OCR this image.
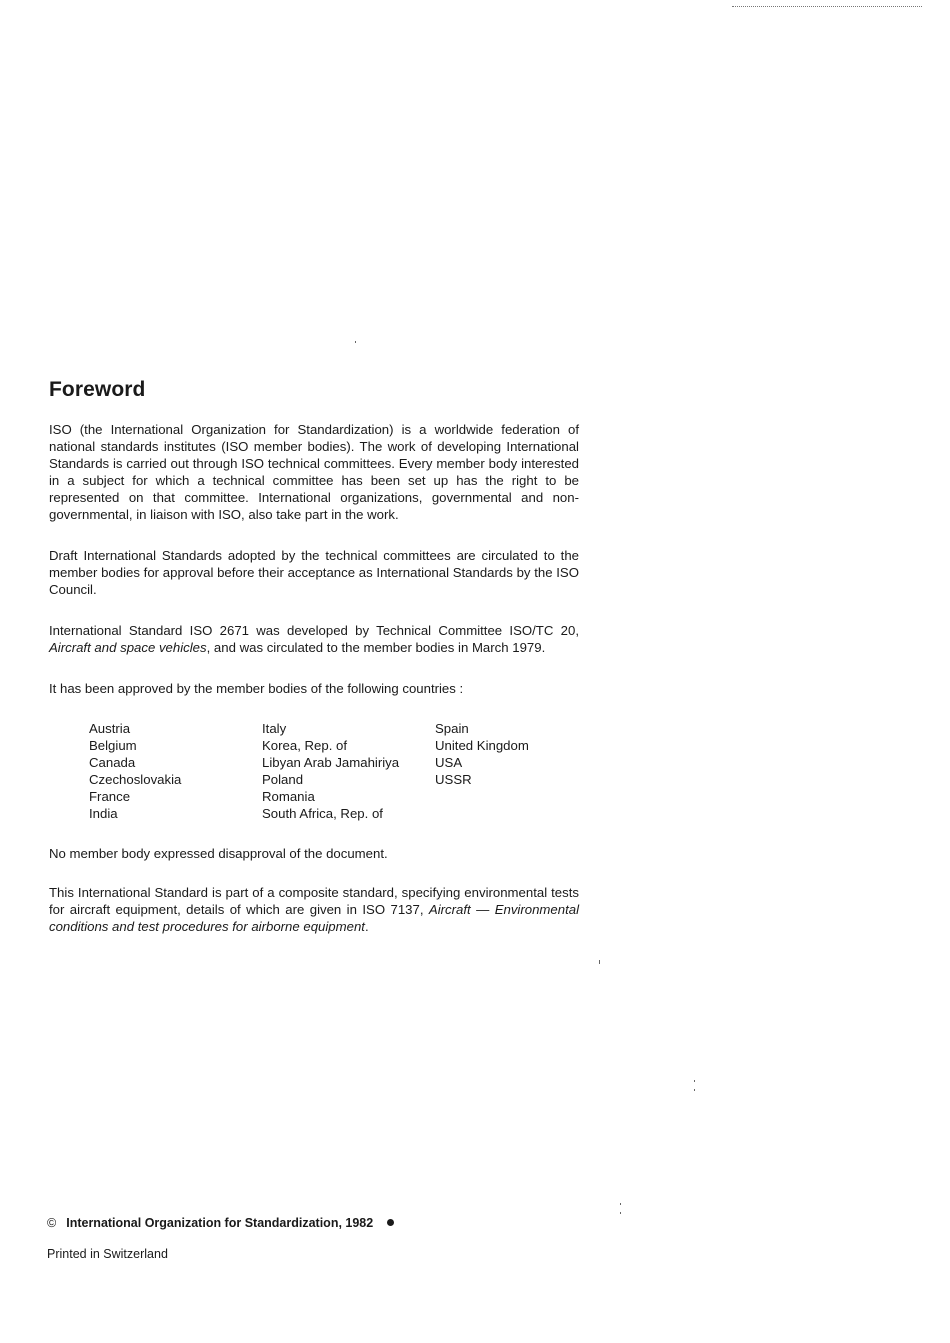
Foreword

ISO (the International Organization for Standardization) is a worldwide federation of national standards institutes (ISO member bodies). The work of developing International Standards is carried out through ISO technical committees. Every member body interested in a subject for which a technical committee has been set up has the right to be represented on that committee. International organizations, governmental and non-governmental, in liaison with ISO, also take part in the work.

Draft International Standards adopted by the technical committees are circulated to the member bodies for approval before their acceptance as International Standards by the ISO Council.

International Standard ISO 2671 was developed by Technical Committee ISO/TC 20, Aircraft and space vehicles, and was circulated to the member bodies in March 1979.

It has been approved by the member bodies of the following countries :

Austria
Belgium
Canada
Czechoslovakia
France
India
Italy
Korea, Rep. of
Libyan Arab Jamahiriya
Poland
Romania
South Africa, Rep. of
Spain
United Kingdom
USA
USSR

No member body expressed disapproval of the document.

This International Standard is part of a composite standard, specifying environmental tests for aircraft equipment, details of which are given in ISO 7137, Aircraft — Environmental conditions and test procedures for airborne equipment.

© International Organization for Standardization, 1982
Printed in Switzerland
